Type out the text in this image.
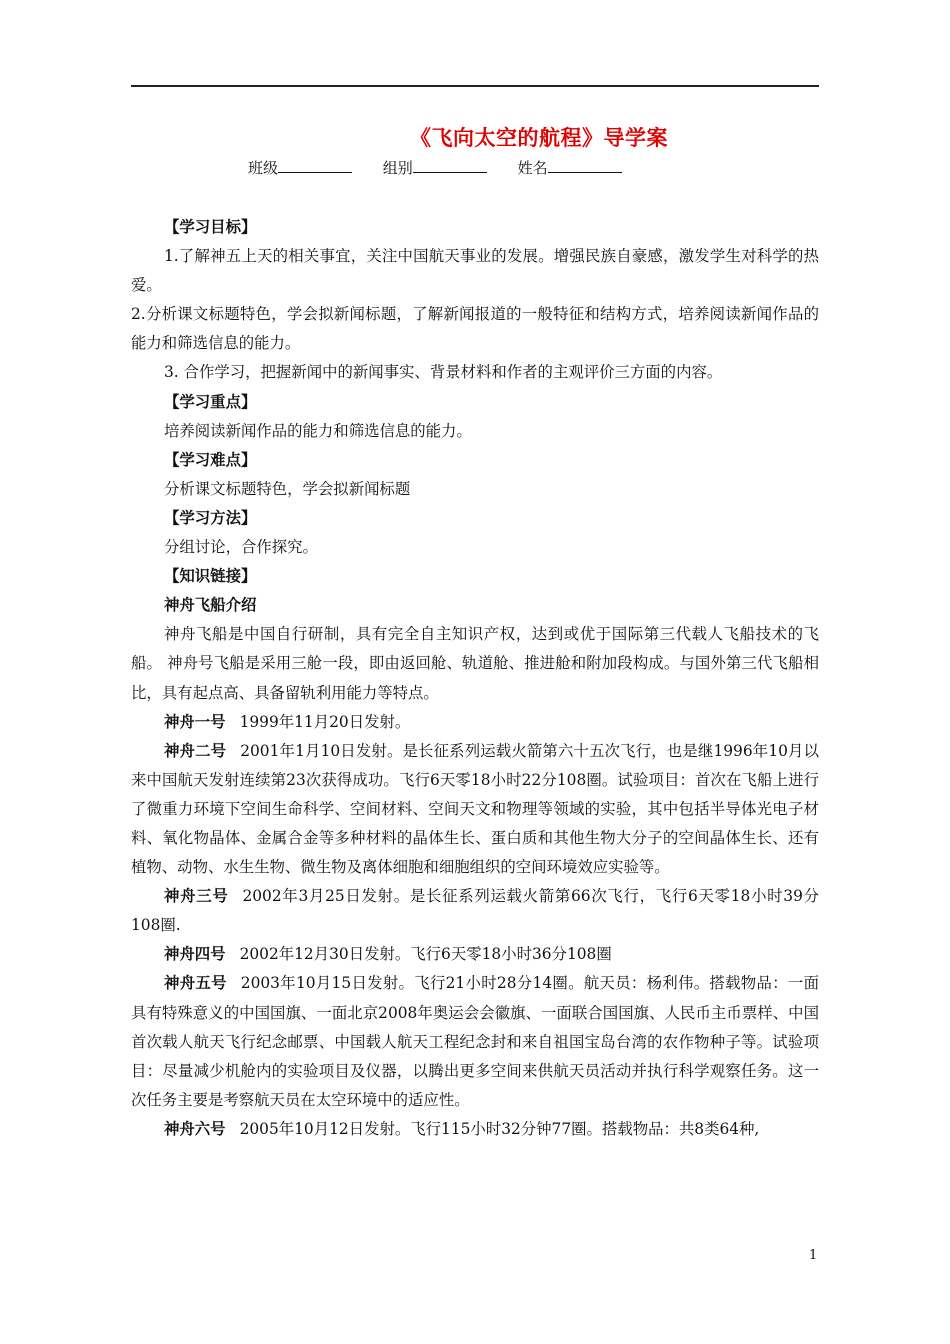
《飞向太空的航程》导学案
班级	组别	姓名

【学习目标】

1.了解神五上天的相关事宜，关注中国航天事业的发展。增强民族自豪感，激发学生对科学的热爱。

2.分析课文标题特色，学会拟新闻标题，了解新闻报道的一般特征和结构方式，培养阅读新闻作品的能力和筛选信息的能力。

3. 合作学习，把握新闻中的新闻事实、背景材料和作者的主观评价三方面的内容。

【学习重点】

培养阅读新闻作品的能力和筛选信息的能力。

【学习难点】

分析课文标题特色，学会拟新闻标题

【学习方法】

分组讨论，合作探究。

【知识链接】

神舟飞船介绍

神舟飞船是中国自行研制，具有完全自主知识产权，达到或优于国际第三代载人飞船技术的飞船。 神舟号飞船是采用三舱一段，即由返回舱、轨道舱、推进舱和附加段构成。与国外第三代飞船相比，具有起点高、具备留轨利用能力等特点。

神舟一号 1999年11月20日发射。

神舟二号 2001年1月10日发射。是长征系列运载火箭第六十五次飞行，也是继1996年10月以来中国航天发射连续第23次获得成功。飞行6天零18小时22分108圈。试验项目：首次在飞船上进行了微重力环境下空间生命科学、空间材料、空间天文和物理等领域的实验，其中包括半导体光电子材料、氧化物晶体、金属合金等多种材料的晶体生长、蛋白质和其他生物大分子的空间晶体生长、还有植物、动物、水生生物、微生物及离体细胞和细胞组织的空间环境效应实验等。

神舟三号 2002年3月25日发射。是长征系列运载火箭第66次飞行，飞行6天零18小时39分108圈.

神舟四号 2002年12月30日发射。飞行6天零18小时36分108圈

神舟五号 2003年10月15日发射。飞行21小时28分14圈。航天员：杨利伟。搭载物品：一面具有特殊意义的中国国旗、一面北京2008年奥运会会徽旗、一面联合国国旗、人民币主币票样、中国首次载人航天飞行纪念邮票、中国载人航天工程纪念封和来自祖国宝岛台湾的农作物种子等。试验项目：尽量减少机舱内的实验项目及仪器，以腾出更多空间来供航天员活动并执行科学观察任务。这一次任务主要是考察航天员在太空环境中的适应性。

神舟六号 2005年10月12日发射。飞行115小时32分钟77圈。搭载物品：共8类64种,

1
